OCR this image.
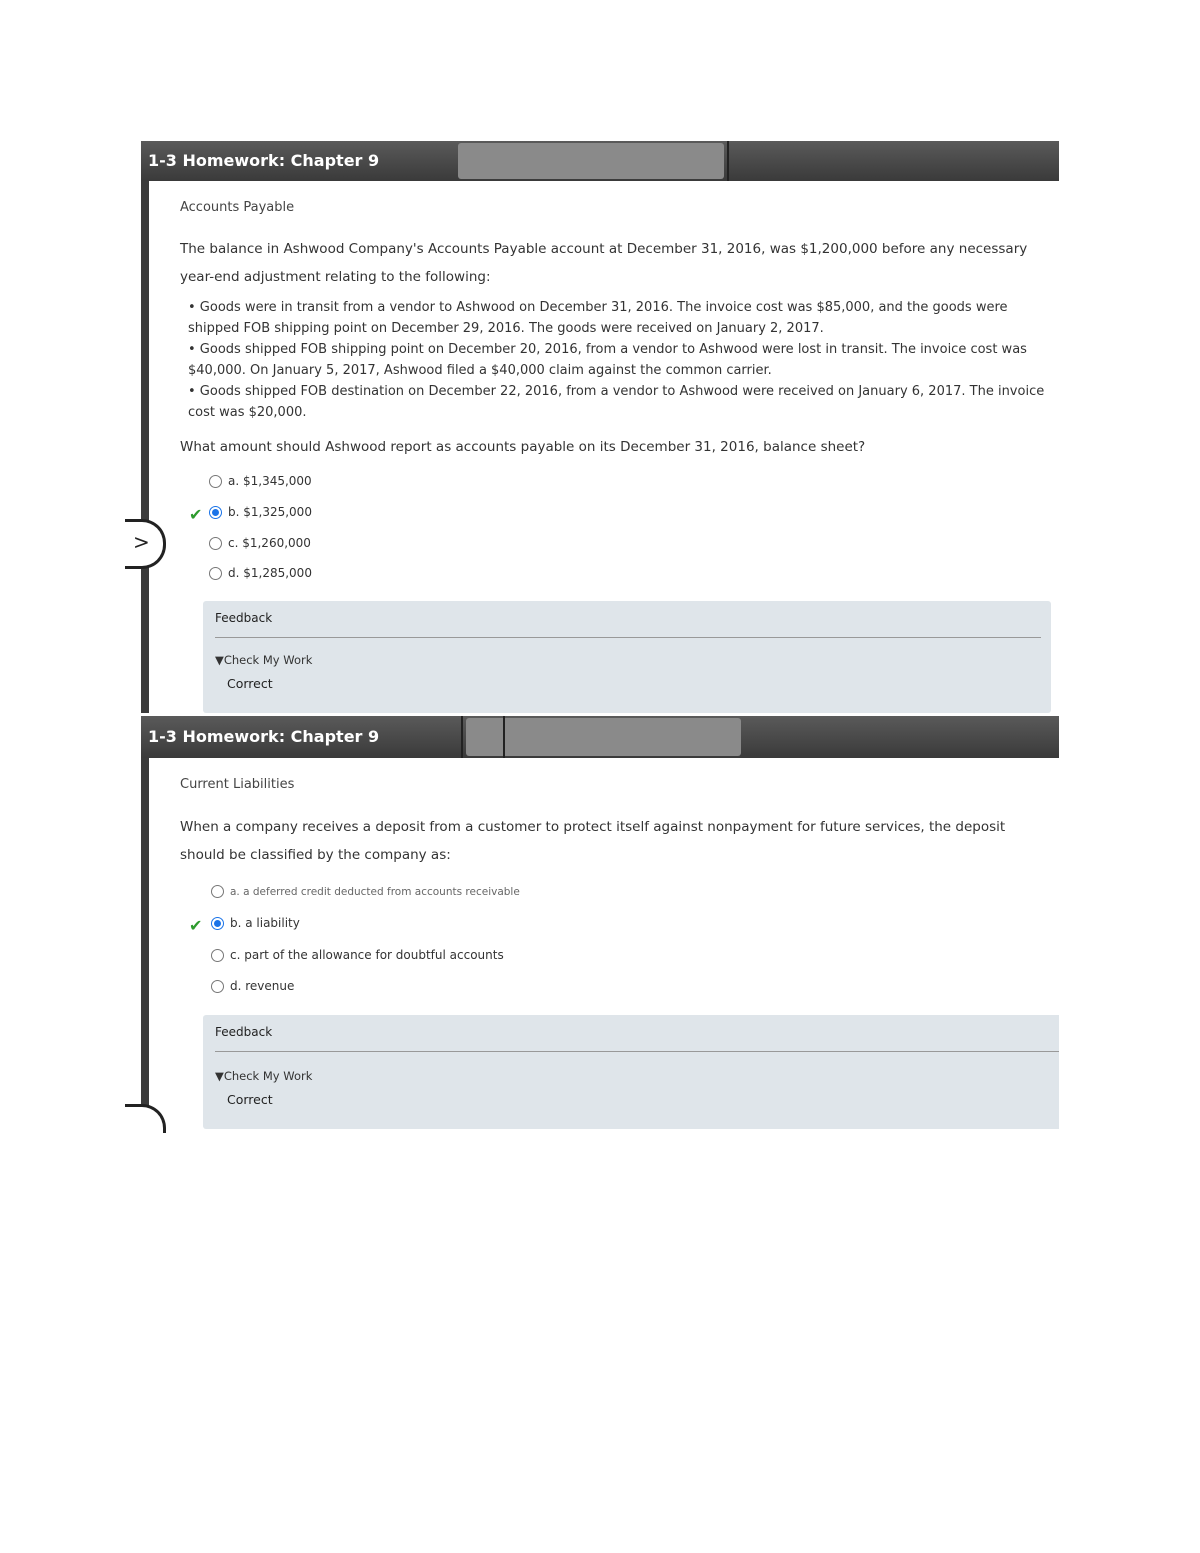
1-3 Homework: Chapter 9
>
Accounts Payable
The balance in Ashwood Company's Accounts Payable account at December 31, 2016, was $1,200,000 before any necessary
year-end adjustment relating to the following:
• Goods were in transit from a vendor to Ashwood on December 31, 2016. The invoice cost was $85,000, and the goods were shipped FOB shipping point on December 29, 2016. The goods were received on January 2, 2017.
• Goods shipped FOB shipping point on December 20, 2016, from a vendor to Ashwood were lost in transit. The invoice cost was $40,000. On January 5, 2017, Ashwood filed a $40,000 claim against the common carrier.
• Goods shipped FOB destination on December 22, 2016, from a vendor to Ashwood were received on January 6, 2017. The invoice cost was $20,000.
What amount should Ashwood report as accounts payable on its December 31, 2016, balance sheet?
a. $1,345,000
✔	b. $1,325,000
c. $1,260,000
d. $1,285,000
Feedback
▼Check My Work
Correct
1-3 Homework: Chapter 9
Current Liabilities
When a company receives a deposit from a customer to protect itself against nonpayment for future services, the deposit
should be classified by the company as:
a. a deferred credit deducted from accounts receivable
✔	b. a liability
c. part of the allowance for doubtful accounts
d. revenue
Feedback
▼Check My Work
Correct
